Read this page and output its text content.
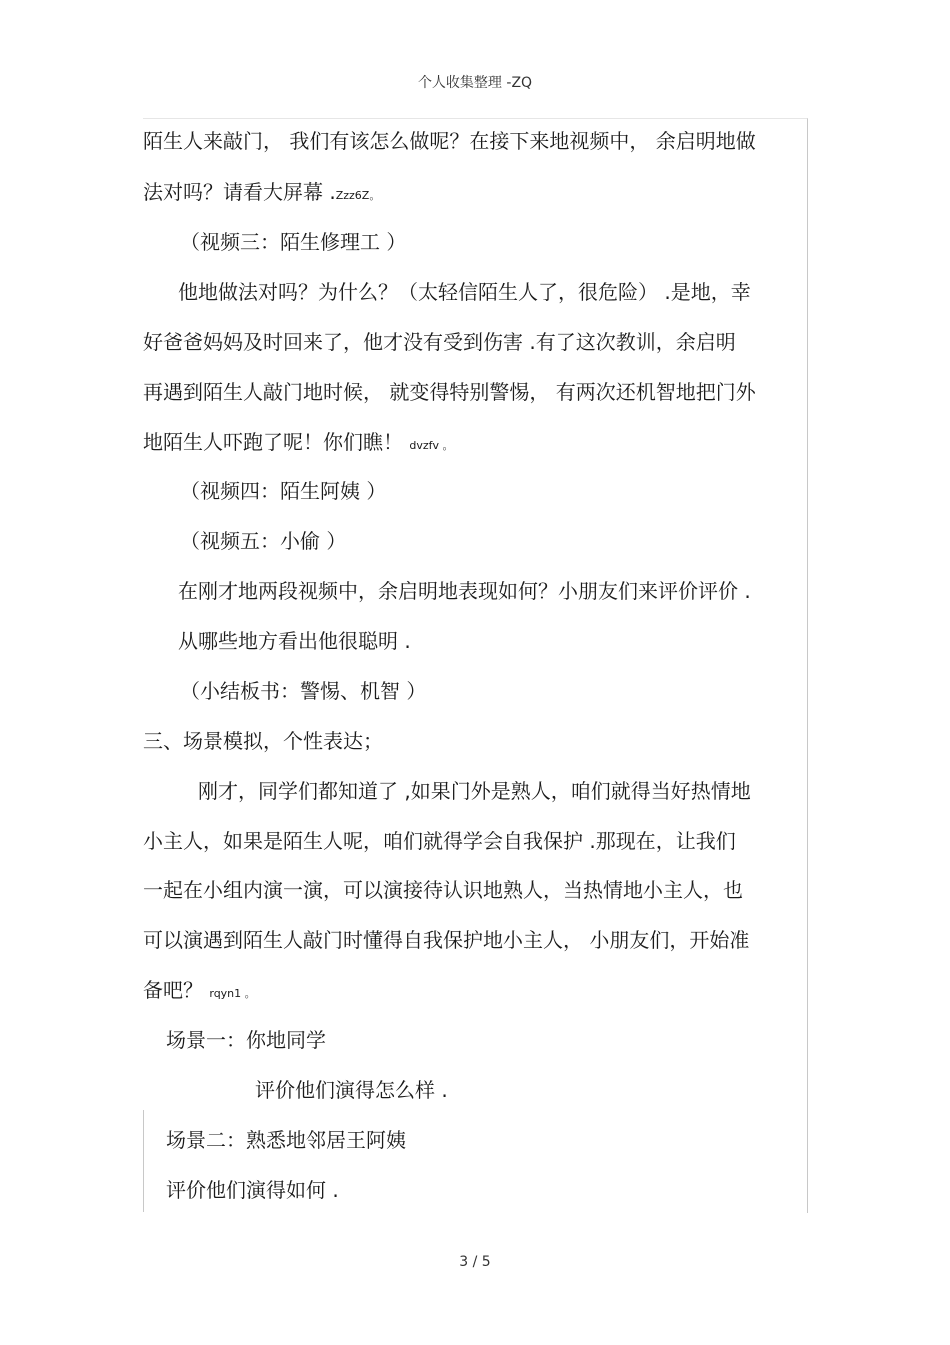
个人收集整理 -ZQ
陌生人来敲门， 我们有该怎么做呢？在接下来地视频中， 余启明地做
法对吗？请看大屏幕 .Zzz6Z。
（视频三：陌生修理工 ）
他地做法对吗？为什么？（太轻信陌生人了，很危险） .是地，幸
好爸爸妈妈及时回来了，他才没有受到伤害 .有了这次教训，余启明
再遇到陌生人敲门地时候， 就变得特别警惕， 有两次还机智地把门外
地陌生人吓跑了呢！你们瞧！ dvzfv 。
（视频四：陌生阿姨 ）
（视频五：小偷 ）
在刚才地两段视频中，余启明地表现如何？小朋友们来评价评价 .
从哪些地方看出他很聪明 .
（小结板书：警惕、机智 ）
三、场景模拟，个性表达；
刚才，同学们都知道了 ,如果门外是熟人，咱们就得当好热情地
小主人，如果是陌生人呢，咱们就得学会自我保护 .那现在，让我们
一起在小组内演一演，可以演接待认识地熟人，当热情地小主人，也
可以演遇到陌生人敲门时懂得自我保护地小主人， 小朋友们，开始准
备吧？ rqyn1 。
场景一：你地同学
评价他们演得怎么样 .
场景二：熟悉地邻居王阿姨
评价他们演得如何 .
3 / 5
